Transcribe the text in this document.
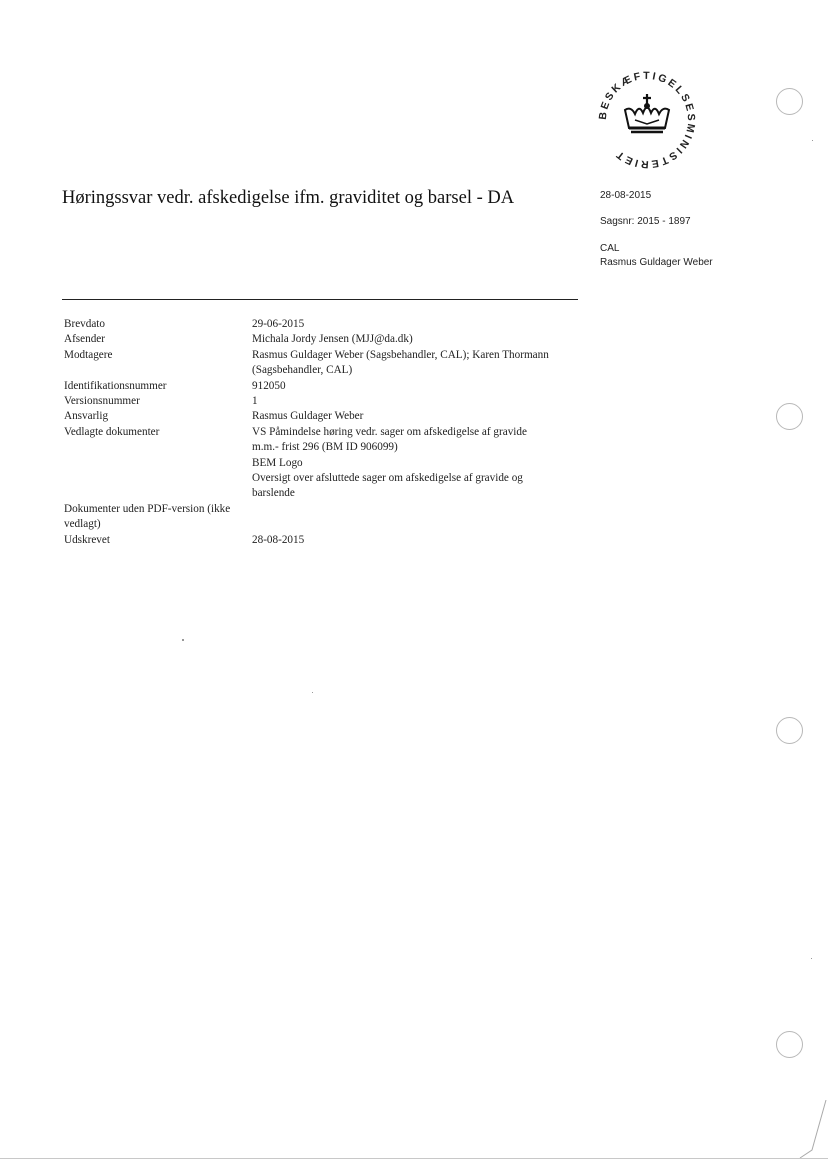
BESKÆFTIGELSESMINISTERIET
Høringssvar vedr. afskedigelse ifm. graviditet og barsel - DA	28-08-2015
Sagsnr: 2015 - 1897
CAL
Rasmus Guldager Weber
Brevdato	29-06-2015
Afsender	Michala Jordy Jensen (MJJ@da.dk)
Modtagere	Rasmus Guldager Weber (Sagsbehandler, CAL); Karen Thormann
(Sagsbehandler, CAL)
Identifikationsnummer	912050
Versionsnummer	1
Ansvarlig	Rasmus Guldager Weber
Vedlagte dokumenter	VS Påmindelse høring vedr. sager om afskedigelse af gravide
m.m.- frist 296 (BM ID 906099)
BEM Logo
Oversigt over afsluttede sager om afskedigelse af gravide og
barslende
Dokumenter uden PDF-version (ikke
vedlagt)
Udskrevet	28-08-2015
